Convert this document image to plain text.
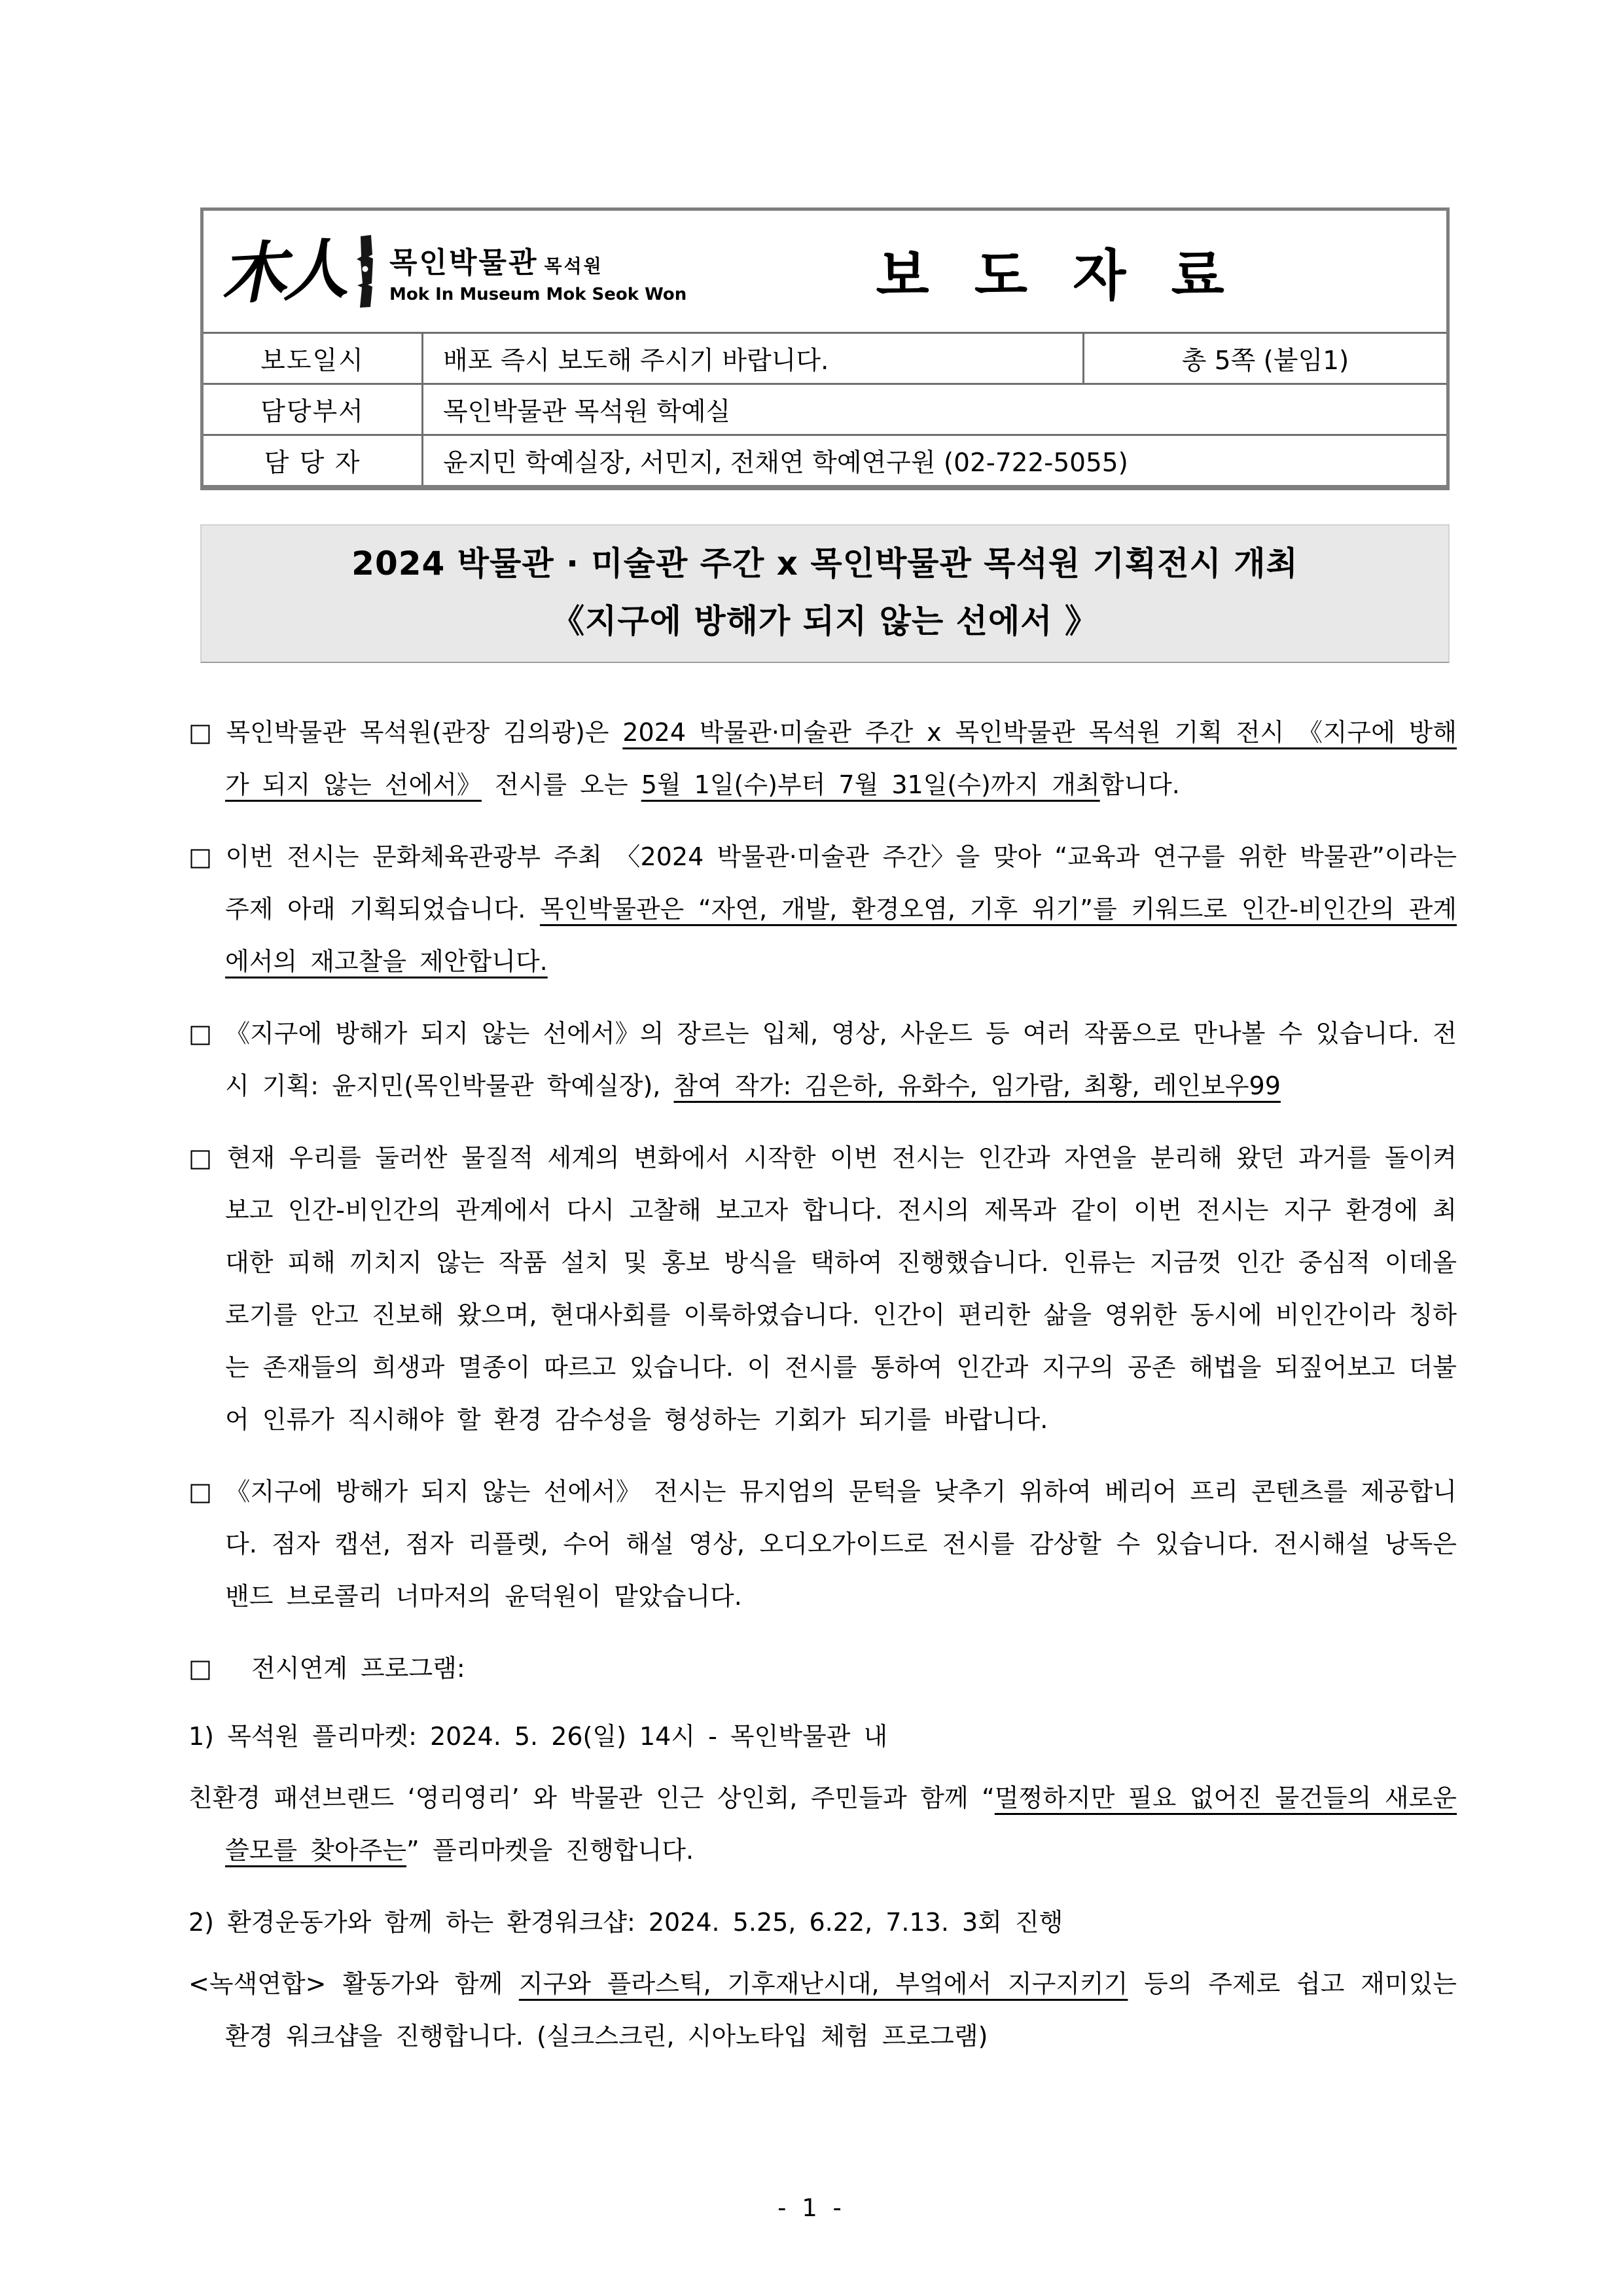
木人 목인박물관 목석원
Mok In Museum Mok Seok Won	보 도 자 료
보도일시	배포 즉시 보도해 주시기 바랍니다.	총 5쪽 (붙임1)
담당부서	목인박물관 목석원 학예실
담 당 자	윤지민 학예실장, 서민지, 전채연 학예연구원 (02-722-5055)
2024 박물관 · 미술관 주간 x 목인박물관 목석원 기획전시 개최
《지구에 방해가 되지 않는 선에서 》
□ 목인박물관 목석원(관장 김의광)은 2024 박물관·미술관 주간 x 목인박물관 목석원 기획 전시 《지구에 방해가 되지 않는 선에서》 전시를 오는 5월 1일(수)부터 7월 31일(수)까지 개최합니다.
□ 이번 전시는 문화체육관광부 주최 〈2024 박물관·미술관 주간〉을 맞아 “교육과 연구를 위한 박물관”이라는 주제 아래 기획되었습니다. 목인박물관은 “자연, 개발, 환경오염, 기후 위기”를 키워드로 인간-비인간의 관계에서의 재고찰을 제안합니다.
□ 《지구에 방해가 되지 않는 선에서》의 장르는 입체, 영상, 사운드 등 여러 작품으로 만나볼 수 있습니다. 전시 기획: 윤지민(목인박물관 학예실장), 참여 작가: 김은하, 유화수, 임가람, 최황, 레인보우99
□ 현재 우리를 둘러싼 물질적 세계의 변화에서 시작한 이번 전시는 인간과 자연을 분리해 왔던 과거를 돌이켜 보고 인간-비인간의 관계에서 다시 고찰해 보고자 합니다. 전시의 제목과 같이 이번 전시는 지구 환경에 최대한 피해 끼치지 않는 작품 설치 및 홍보 방식을 택하여 진행했습니다. 인류는 지금껏 인간 중심적 이데올로기를 안고 진보해 왔으며, 현대사회를 이룩하였습니다. 인간이 편리한 삶을 영위한 동시에 비인간이라 칭하는 존재들의 희생과 멸종이 따르고 있습니다. 이 전시를 통하여 인간과 지구의 공존 해법을 되짚어보고 더불어 인류가 직시해야 할 환경 감수성을 형성하는 기회가 되기를 바랍니다.
□ 《지구에 방해가 되지 않는 선에서》 전시는 뮤지엄의 문턱을 낮추기 위하여 베리어 프리 콘텐츠를 제공합니다. 점자 캡션, 점자 리플렛, 수어 해설 영상, 오디오가이드로 전시를 감상할 수 있습니다. 전시해설 낭독은 밴드 브로콜리 너마저의 윤덕원이 맡았습니다.
□   전시연계 프로그램:
1) 목석원 플리마켓: 2024. 5. 26(일) 14시 - 목인박물관 내
친환경 패션브랜드 ‘영리영리’ 와 박물관 인근 상인회, 주민들과 함께 “멀쩡하지만 필요 없어진 물건들의 새로운 쓸모를 찾아주는” 플리마켓을 진행합니다.
2) 환경운동가와 함께 하는 환경워크샵: 2024. 5.25, 6.22, 7.13. 3회 진행
<녹색연합> 활동가와 함께 지구와 플라스틱, 기후재난시대, 부엌에서 지구지키기 등의 주제로 쉽고 재미있는 환경 워크샵을 진행합니다. (실크스크린, 시아노타입 체험 프로그램)
- 1 -
